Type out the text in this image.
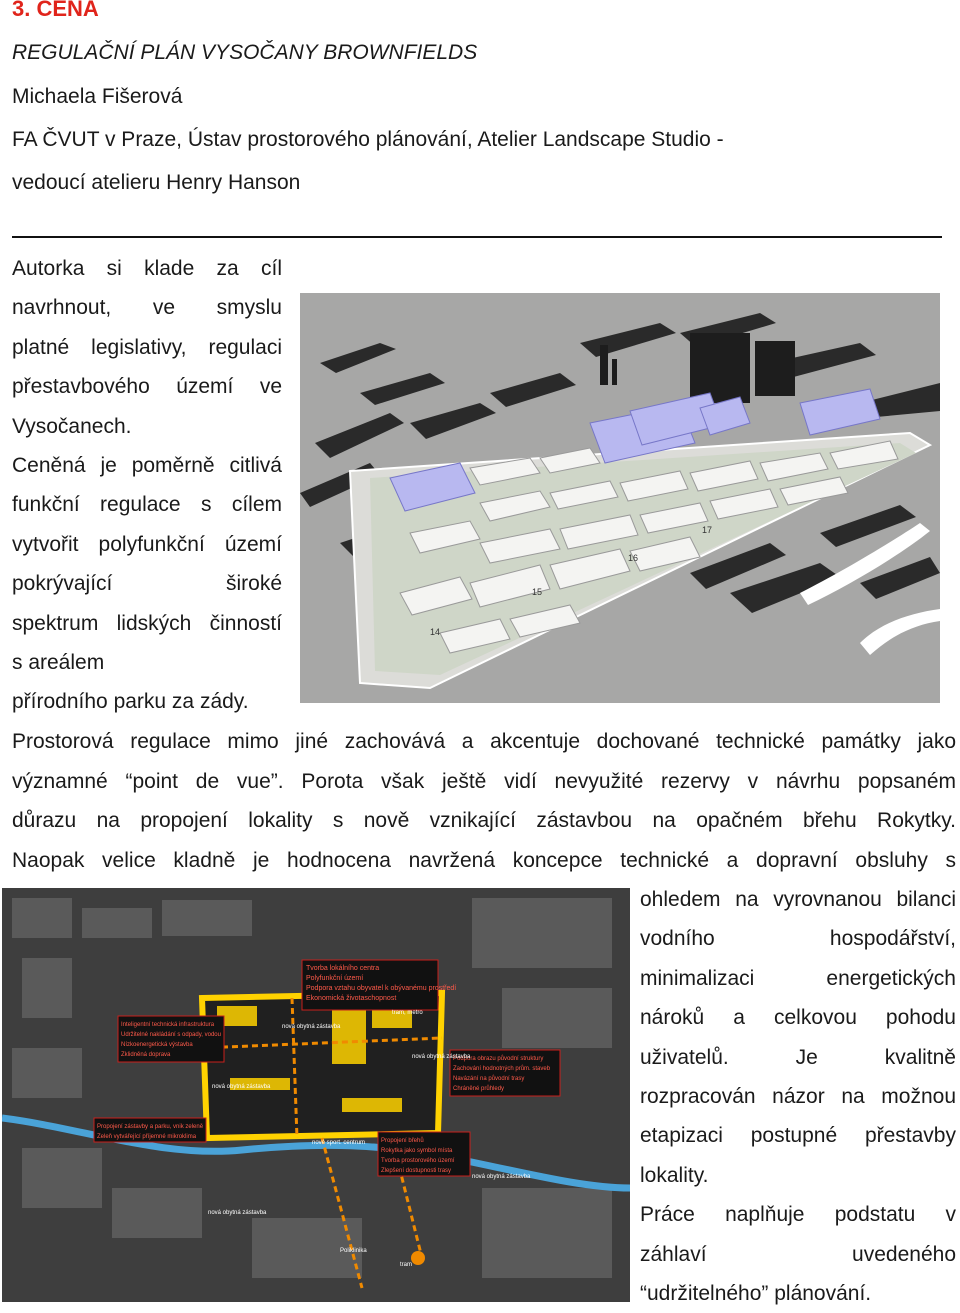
3. CENA
REGULAČNÍ PLÁN VYSOČANY BROWNFIELDS
Michaela Fišerová
FA ČVUT v Praze, Ústav prostorového plánování, Atelier Landscape Studio -
vedoucí atelieru Henry Hanson

Autorka si klade za cíl

navrhnout, ve smyslu

platné legislativy, regulaci

přestavbového území ve

Vysočanech.

Ceněná je poměrně citlivá

funkční regulace s cílem

vytvořit polyfunkční území

pokrývající široké

spektrum lidských činností

s areálem

přírodního parku za zády.

14
15
16
17

Prostorová regulace mimo jiné zachovává a akcentuje dochované technické památky jako

významné “point de vue”. Porota však ještě vidí nevyužité rezervy v návrhu popsaném

důrazu na propojení lokality s nově vznikající zástavbou na opačném břehu Rokytky.

Naopak velice kladně je hodnocena navržená koncepce technické a dopravní obsluhy s

Tvorba lokálního centra
Polyfunkční území
Podpora vztahu obyvatel k obývanému prostředí
Ekonomická životaschopnost
Inteligentní technická infrastruktura
Udržitelné nakládání s odpady, vodou
Nízkoenergetická výstavba
Zklidněná doprava
Podpora obrazu původní struktury
Zachování hodnotných prům. staveb
Navázání na původní trasy
Chráněné průhledy
Propojení zástavby a parku, vnik zeleně
Zeleň vytvářející příjemné mikroklima
Propojení břehů
Rokytka jako symbol místa
Tvorba prostorového území
Zlepšení dostupnosti trasy
nová obytná zástavba
nová obytná zástavba
nové sport. centrum
nová obytná zástavba
nová obytná zástavba
tram, metro
tram
Poliklinika
nová obytná zástavba

ohledem na vyrovnanou bilanci

vodního hospodářství,

minimalizaci energetických

nároků a celkovou pohodu

uživatelů. Je kvalitně

rozpracován názor na možnou

etapizaci postupné přestavby

lokality.

Práce naplňuje podstatu v

záhlaví uvedeného

“udržitelného” plánování.
